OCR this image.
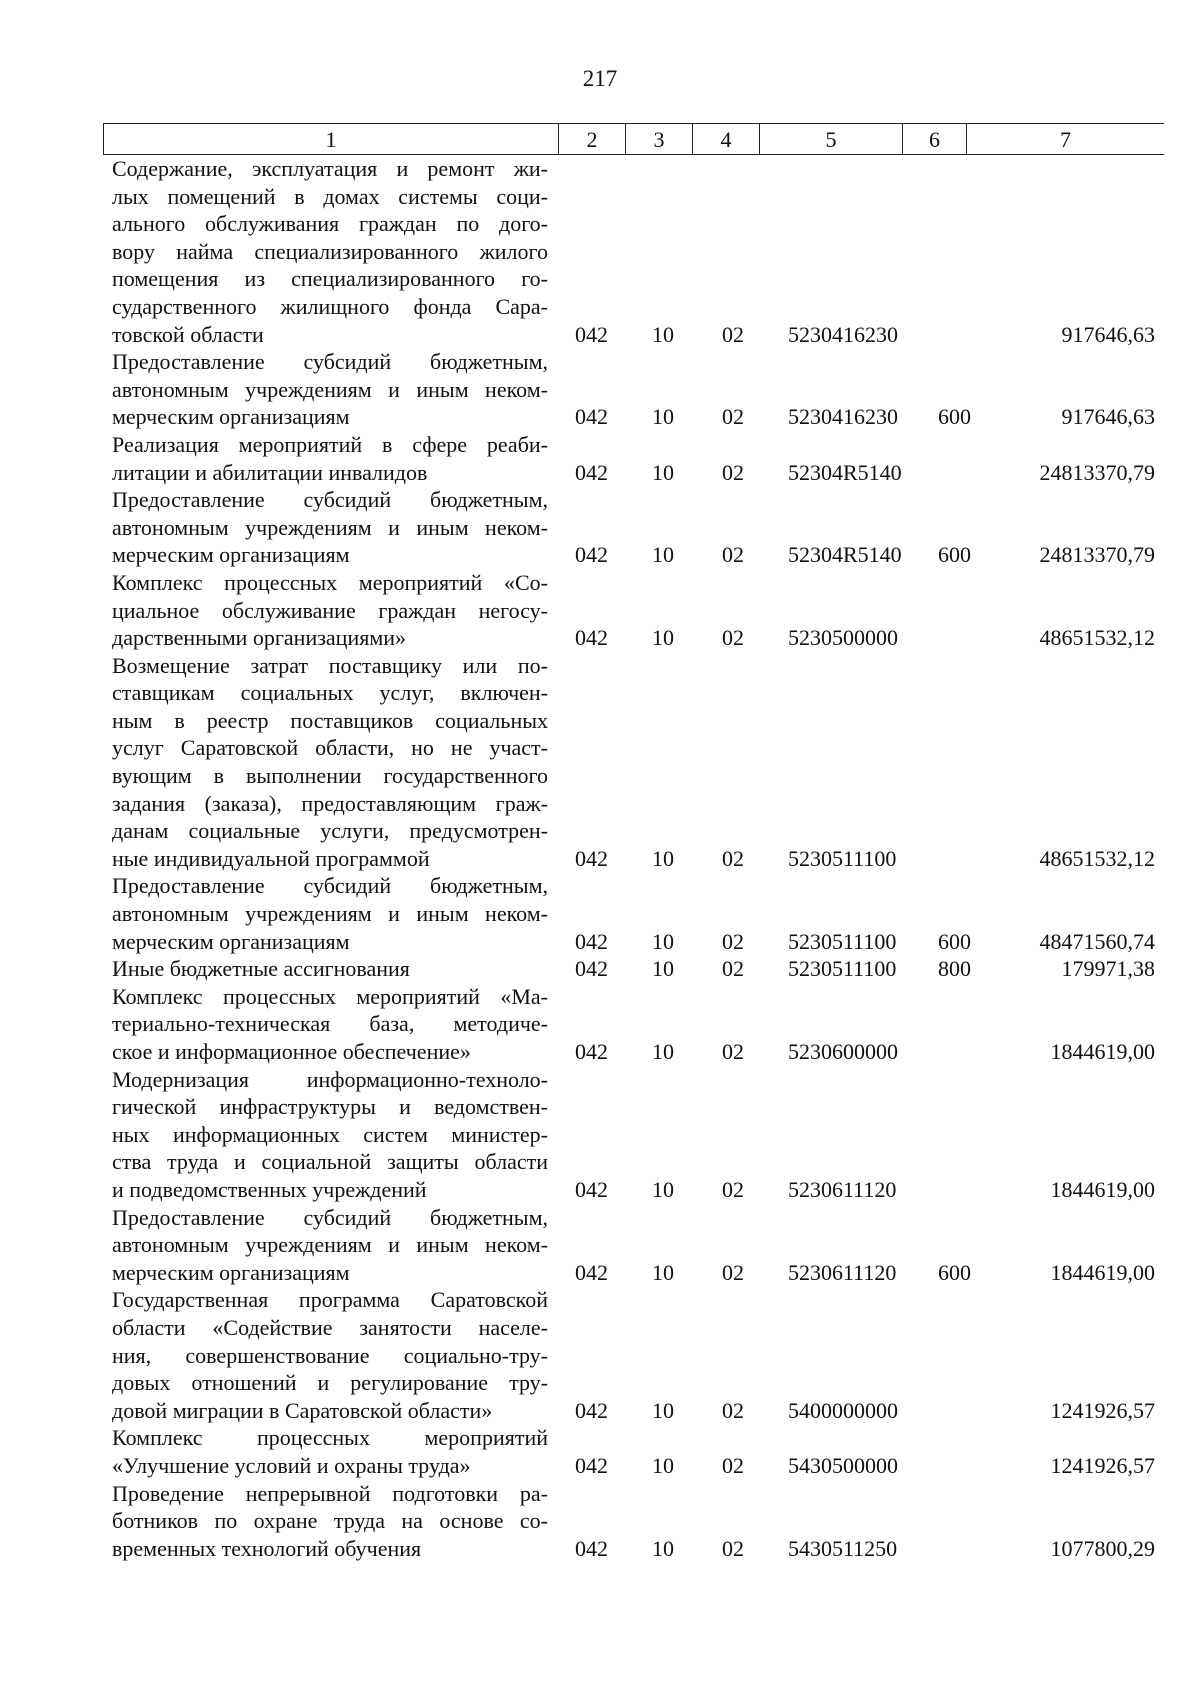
217
1	2	3	4	5	6	7
Содержание, эксплуатация и ремонт жи-
лых помещений в домах системы соци-
ального обслуживания граждан по дого-
вору найма специализированного жилого
помещения из специализированного го-
сударственного жилищного фонда Сара-
товской области	042 10 02 5230416230	917646,63
Предоставление субсидий бюджетным,
автономным учреждениям и иным неком-
мерческим организациям	042 10 02 5230416230 600	917646,63
Реализация мероприятий в сфере реаби-
литации и абилитации инвалидов	042 10 02 52304R5140	24813370,79
Предоставление субсидий бюджетным,
автономным учреждениям и иным неком-
мерческим организациям	042 10 02 52304R5140 600	24813370,79
Комплекс процессных мероприятий «Со-
циальное обслуживание граждан негосу-
дарственными организациями»	042 10 02 5230500000	48651532,12
Возмещение затрат поставщику или по-
ставщикам социальных услуг, включен-
ным в реестр поставщиков социальных
услуг Саратовской области, но не участ-
вующим в выполнении государственного
задания (заказа), предоставляющим граж-
данам социальные услуги, предусмотрен-
ные индивидуальной программой	042 10 02 5230511100	48651532,12
Предоставление субсидий бюджетным,
автономным учреждениям и иным неком-
мерческим организациям	042 10 02 5230511100 600	48471560,74
Иные бюджетные ассигнования	042 10 02 5230511100 800	179971,38
Комплекс процессных мероприятий «Ма-
териально-техническая база, методиче-
ское и информационное обеспечение»	042 10 02 5230600000	1844619,00
Модернизация информационно-техноло-
гической инфраструктуры и ведомствен-
ных информационных систем министер-
ства труда и социальной защиты области
и подведомственных учреждений	042 10 02 5230611120	1844619,00
Предоставление субсидий бюджетным,
автономным учреждениям и иным неком-
мерческим организациям	042 10 02 5230611120 600	1844619,00
Государственная программа Саратовской
области «Содействие занятости населе-
ния, совершенствование социально-тру-
довых отношений и регулирование тру-
довой миграции в Саратовской области»	042 10 02 5400000000	1241926,57
Комплекс процессных мероприятий
«Улучшение условий и охраны труда»	042 10 02 5430500000	1241926,57
Проведение непрерывной подготовки ра-
ботников по охране труда на основе со-
временных технологий обучения	042 10 02 5430511250	1077800,29
